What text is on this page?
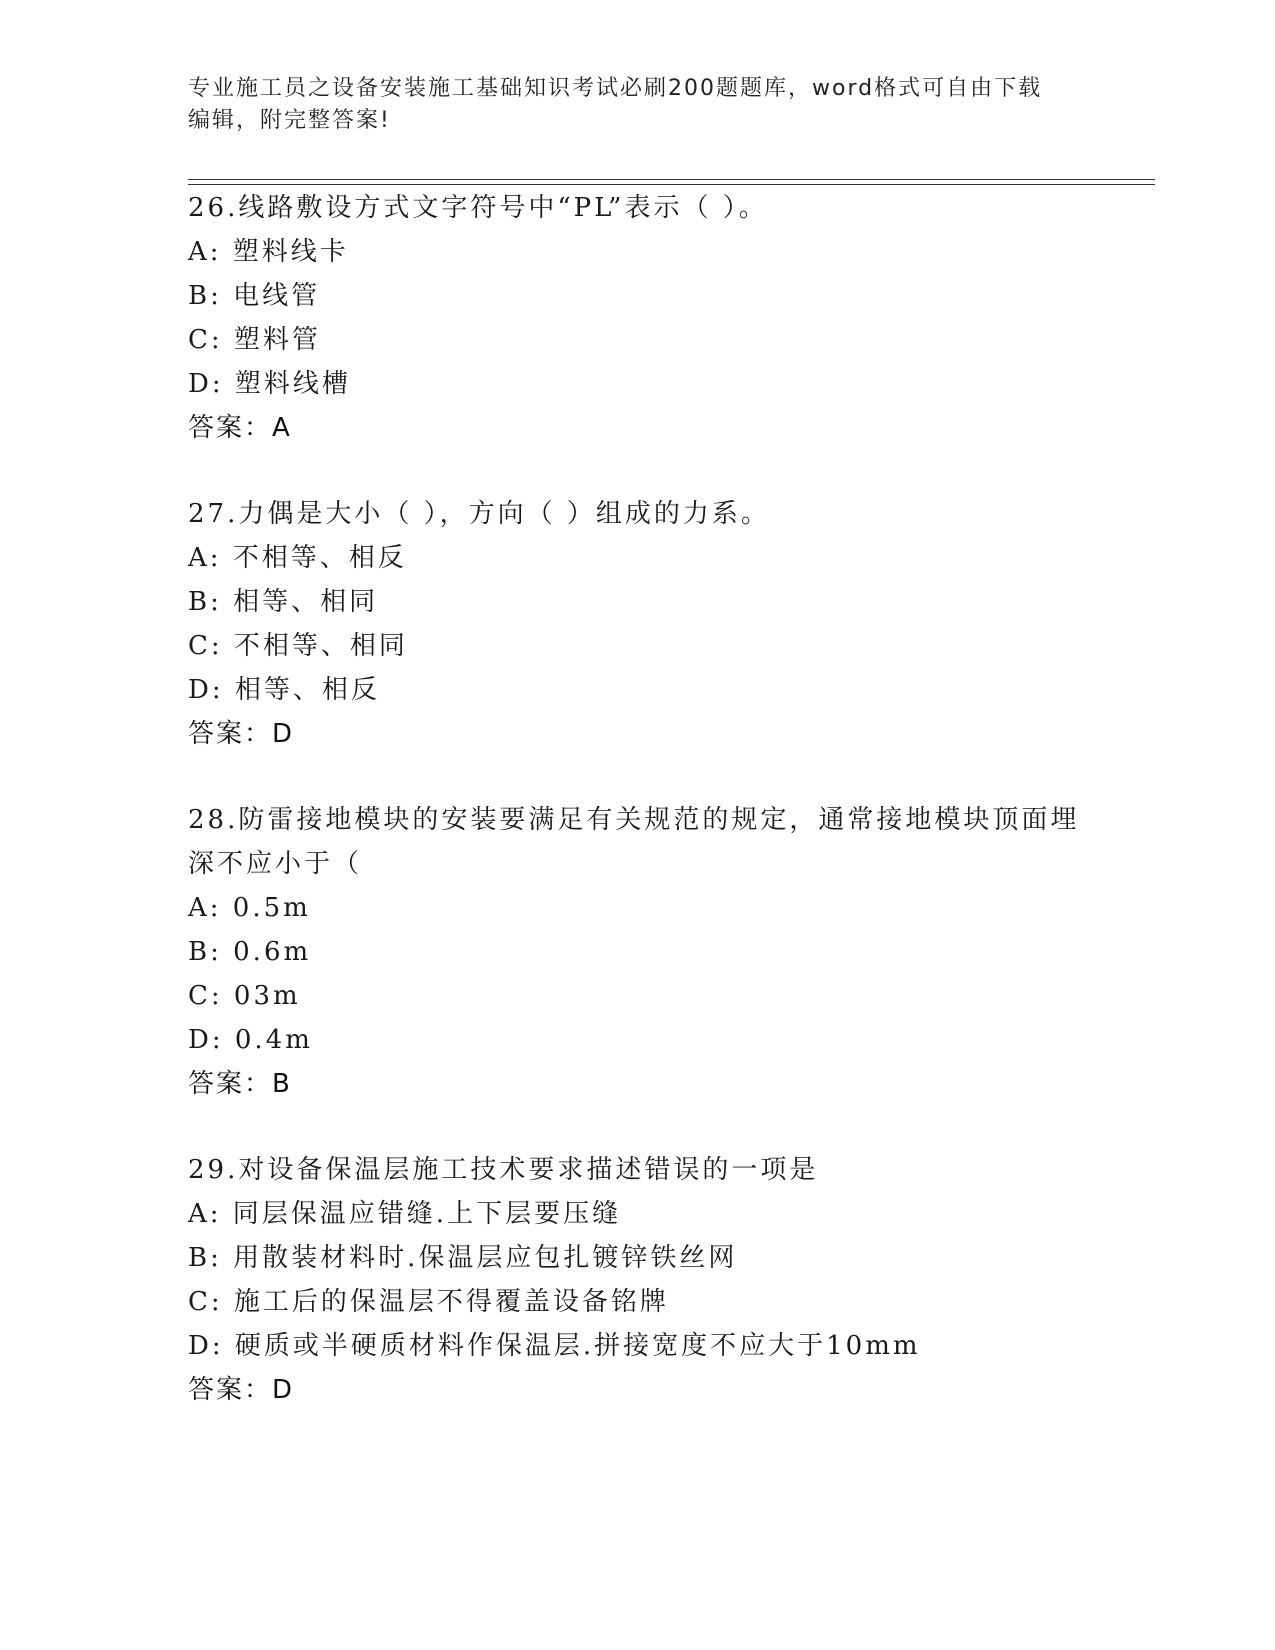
专业施工员之设备安装施工基础知识考试必刷200题题库，word格式可自由下载
编辑，附完整答案!
26.线路敷设方式文字符号中“PL”表示（ ）。
A: 塑料线卡
B: 电线管
C: 塑料管
D: 塑料线槽
答案：A
27.力偶是大小（ ），方向（ ）组成的力系。
A: 不相等、相反
B: 相等、相同
C: 不相等、相同
D: 相等、相反
答案：D
28.防雷接地模块的安装要满足有关规范的规定，通常接地模块顶面埋
深不应小于（
A: 0.5m
B: 0.6m
C: 03m
D: 0.4m
答案：B
29.对设备保温层施工技术要求描述错误的一项是
A: 同层保温应错缝.上下层要压缝
B: 用散装材料时.保温层应包扎镀锌铁丝网
C: 施工后的保温层不得覆盖设备铭牌
D: 硬质或半硬质材料作保温层.拼接宽度不应大于10mm
答案：D
